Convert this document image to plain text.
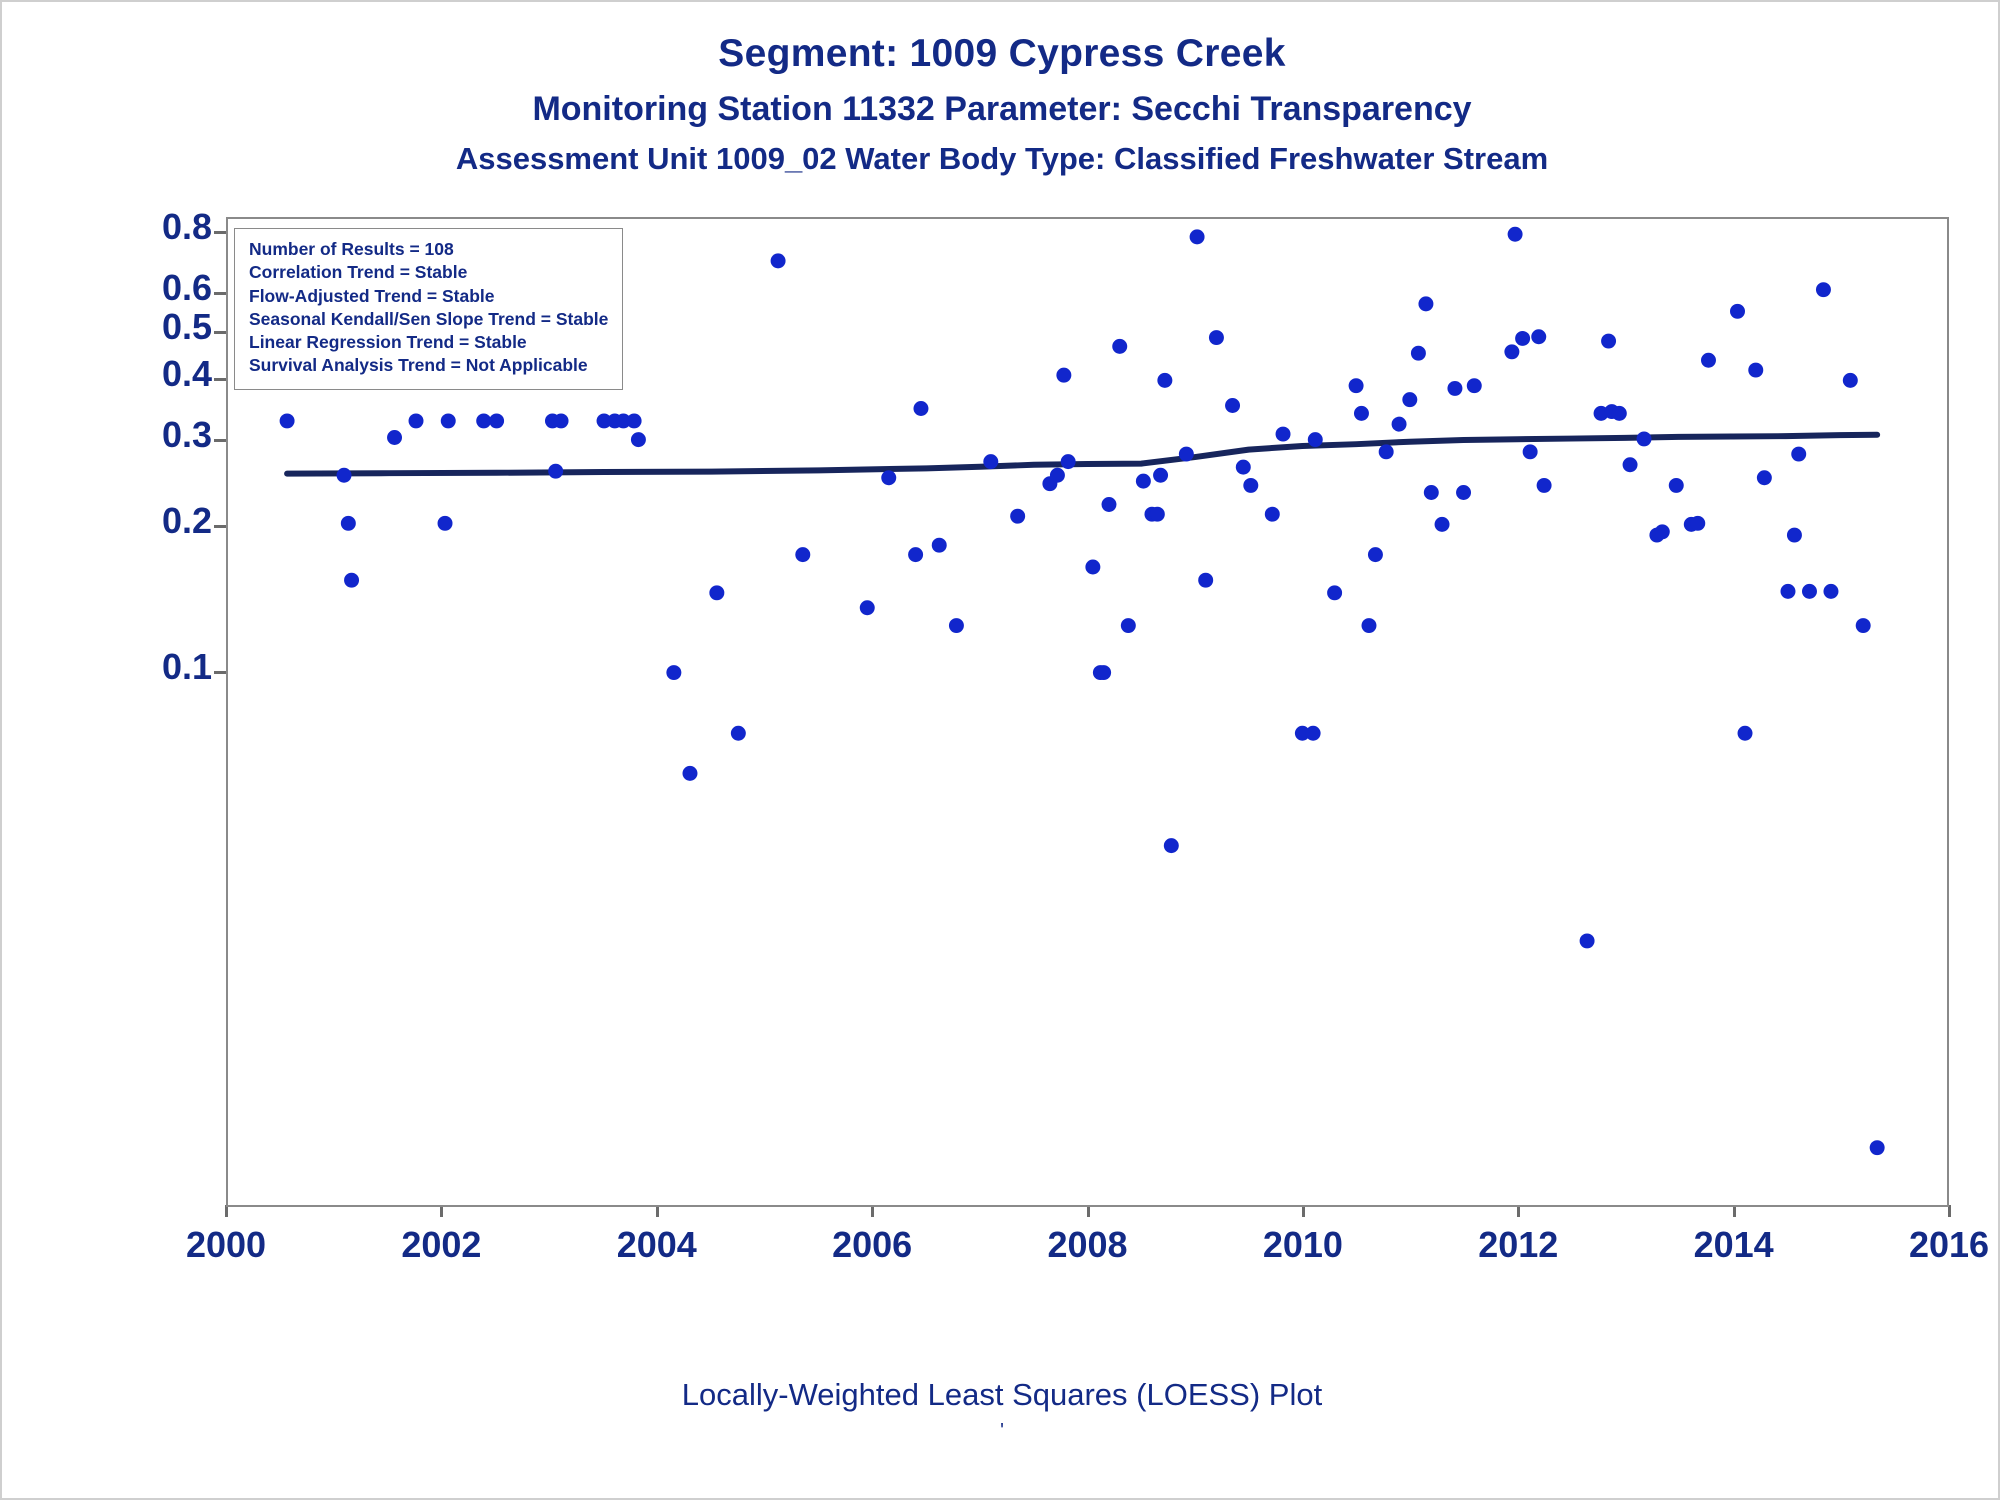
Segment: 1009 Cypress Creek
Monitoring Station 11332 Parameter: Secchi Transparency
Assessment Unit 1009_02 Water Body Type: Classified Freshwater Stream
0.1
0.2
0.3
0.4
0.5
0.6
0.8
2000	2002	2004	2006	2008	2010	2012	2014	2016
Number of Results = 108
Correlation Trend = Stable
Flow-Adjusted Trend = Stable
Seasonal Kendall/Sen Slope Trend = Stable
Linear Regression Trend = Stable
Survival Analysis Trend = Not Applicable
Locally-Weighted Least Squares (LOESS) Plot
'
